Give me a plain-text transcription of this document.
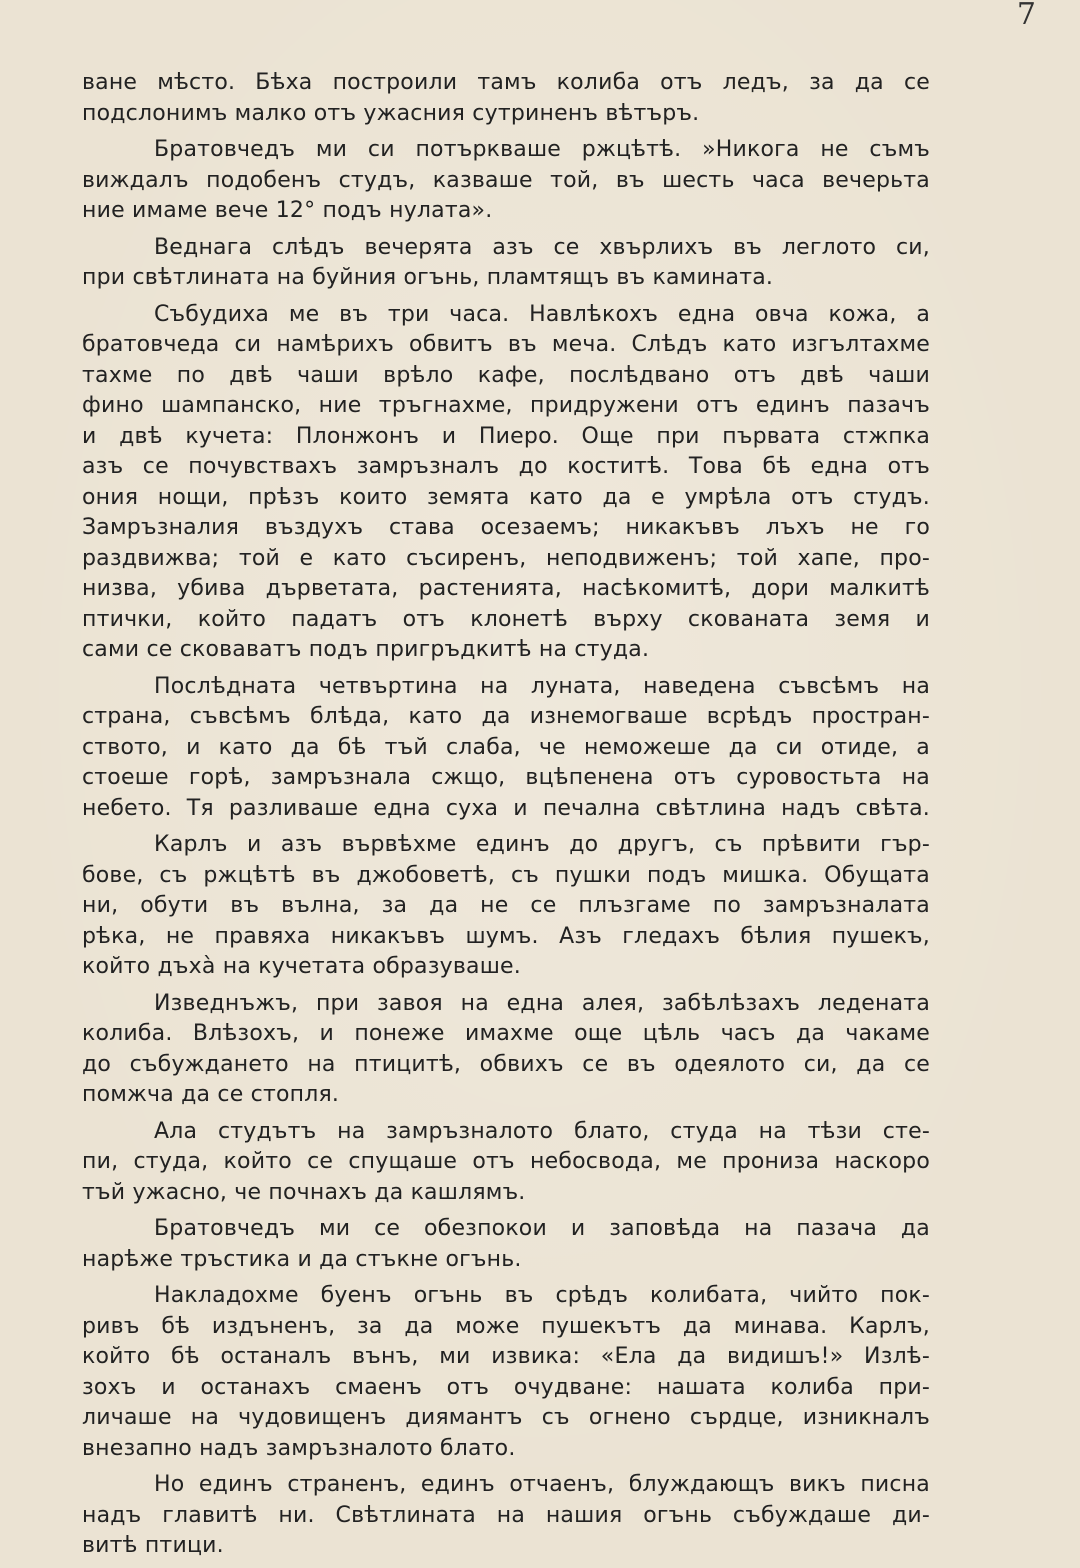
7
ване мѣсто. Бѣха построили тамъ колиба отъ ледъ, за да се
подслонимъ малко отъ ужасния сутриненъ вѣтъръ.
Братовчедъ ми си потъркваше ржцѣтѣ. »Никога не съмъ
виждалъ подобенъ студъ, казваше той, въ шесть часа вечерьта
ние имаме вече 12° подъ нулата».
Веднага слѣдъ вечерята азъ се хвърлихъ въ леглото си,
при свѣтлината на буйния огънь, пламтящъ въ камината.
Събудиха ме въ три часа. Навлѣкохъ една овча кожа, а
братовчеда си намѣрихъ обвитъ въ мечa. Слѣдъ като изгълтахме
тахме по двѣ чаши врѣло кафе, послѣдвано отъ двѣ чаши
фино шампанско, ние тръгнахме, придружени отъ единъ пазачъ
и двѣ кучета: Плонжонъ и Пиеро. Още при първата стжпка
азъ се почувствахъ замръзналъ до коститѣ. Това бѣ една отъ
ония нощи, прѣзъ които земята като да е умрѣла отъ студъ.
Замръзналия въздухъ става осезаемъ; никакъвъ лъхъ не го
раздвижва; той е като съсиренъ, неподвиженъ; той хапе, про-
низва, убива дърветата, растенията, насѣкомитѣ, дори малкитѣ
птички, който падатъ отъ клонетѣ върху скованата земя и
сами се сковаватъ подъ пригръдкитѣ на студа.
Послѣдната четвъртина на луната, наведена съвсѣмъ на
страна, съвсѣмъ блѣда, като да изнемогваше всрѣдъ простран-
ството, и като да бѣ тъй слаба, че неможеше да си отиде, а
стоеше горѣ, замръзнала сжщо, вцѣпенена отъ суровостьта на
небето. Тя разливаше една суха и печална свѣтлина надъ свѣта.
Карлъ и азъ вървѣхме единъ до другъ, съ прѣвити гър-
бове, съ ржцѣтѣ въ джобоветѣ, съ пушки подъ мишка. Обущата
ни, обути въ вълна, за да не се плъзгаме по замръзналата
рѣка, не правяха никакъвъ шумъ. Азъ гледахъ бѣлия пушекъ,
който дъхà на кучетата образуваше.
Изведнъжъ, при завоя на една алея, забѣлѣзахъ ледената
колиба. Влѣзохъ, и понеже имахме още цѣль часъ да чакаме
до събуждането на птицитѣ, обвихъ се въ одеялото си, да се
помжча да се стопля.
Ала студътъ на замръзналото блато, студа на тѣзи сте-
пи, студа, който се спущаше отъ небосвода, ме прониза наскоро
тъй ужасно, че почнахъ да кашлямъ.
Братовчедъ ми се обезпокои и заповѣда на пазача да
нарѣже тръстика и да стъкне огънь.
Накладохме буенъ огънь въ срѣдъ колибата, чийто пок-
ривъ бѣ издъненъ, за да може пушекътъ да минава. Карлъ,
който бѣ останалъ вънъ, ми извика: «Ела да видишъ!» Излѣ-
зохъ и останахъ смаенъ отъ очудване: нашата колиба при-
личаше на чудовищенъ диямантъ съ огнено сърдце, изникналъ
внезапно надъ замръзналото блато.
Но единъ страненъ, единъ отчаенъ, блуждающъ викъ писна
надъ главитѣ ни. Свѣтлината на нашия огънь събуждаше ди-
витѣ птици.
